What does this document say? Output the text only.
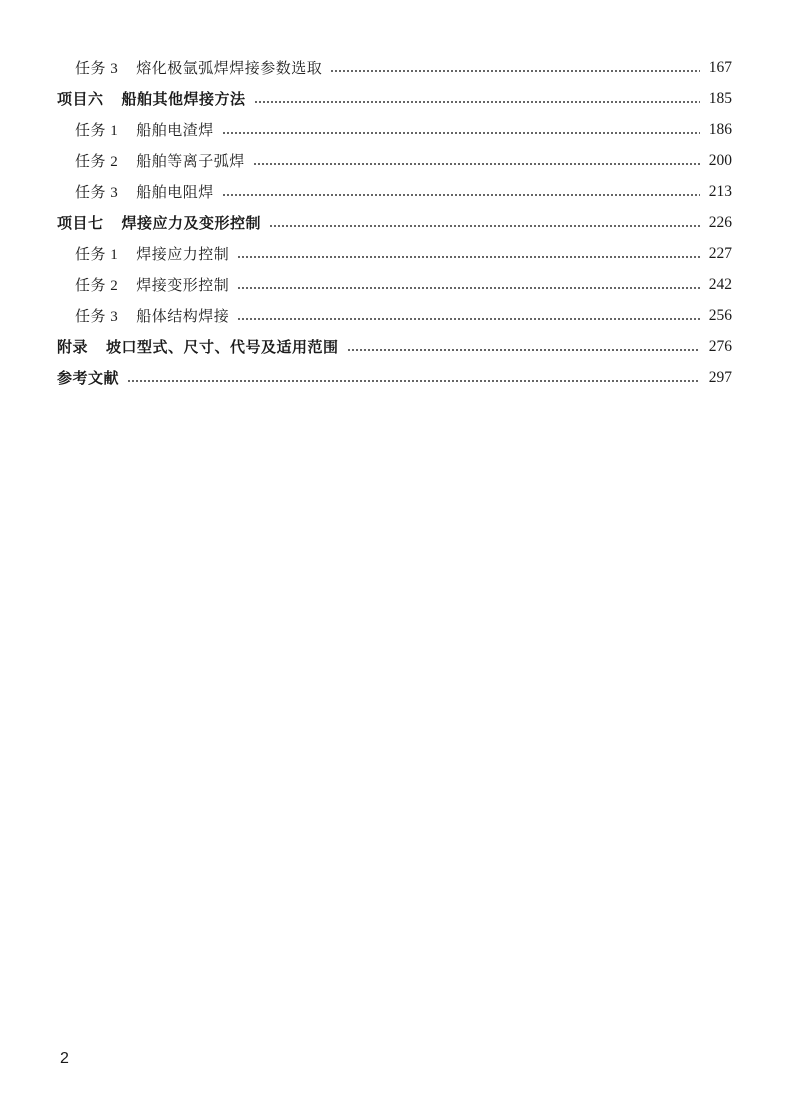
任务 3 熔化极氩弧焊焊接参数选取	167
项目六 船舶其他焊接方法	185
任务 1 船舶电渣焊	186
任务 2 船舶等离子弧焊	200
任务 3 船舶电阻焊	213
项目七 焊接应力及变形控制	226
任务 1 焊接应力控制	227
任务 2 焊接变形控制	242
任务 3 船体结构焊接	256
附录 坡口型式、尺寸、代号及适用范围	276
参考文献	297
2
